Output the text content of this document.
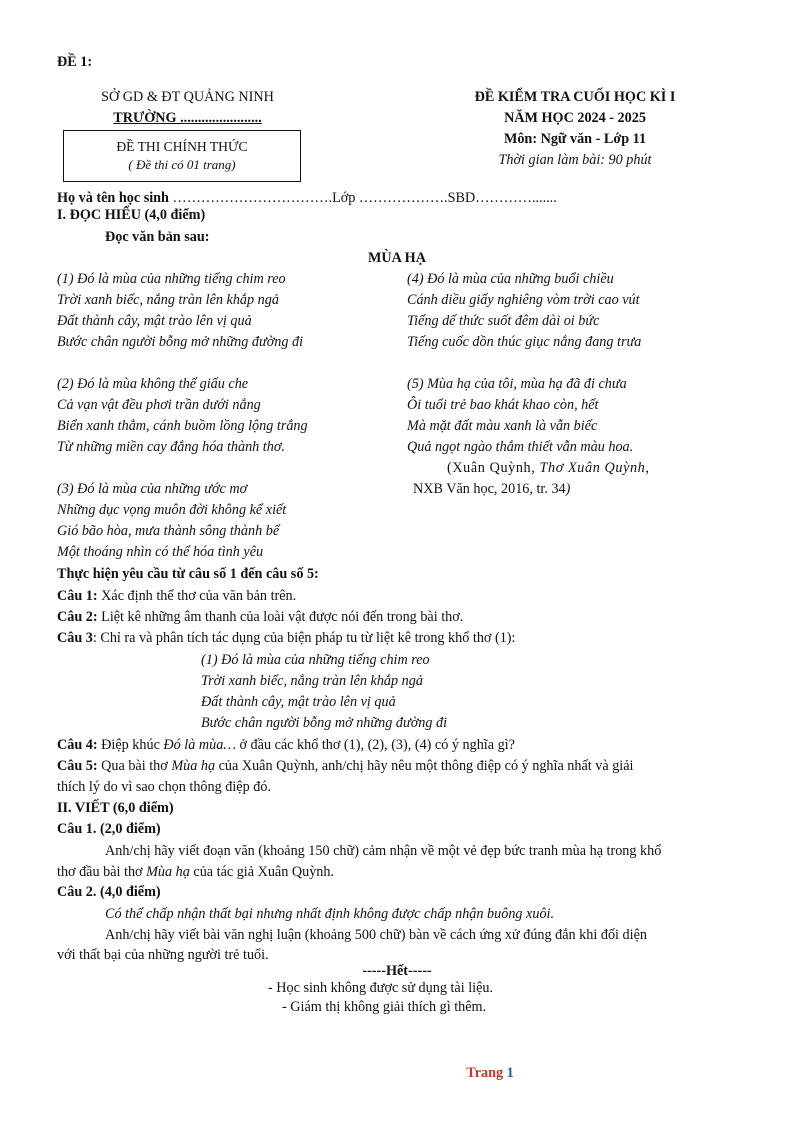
ĐỀ 1:
SỞ GD & ĐT QUẢNG NINH
TRƯỜNG .......................
ĐỀ THI CHÍNH THỨC
( Đề thi có 01 trang)
ĐỀ KIỂM TRA CUỐI HỌC KÌ I
NĂM HỌC 2024 - 2025
Môn: Ngữ văn - Lớp 11
Thời gian làm bài: 90 phút
Họ và tên học sinh …………………………….Lớp ……………….SBD………….......
I. ĐỌC HIỂU (4,0 điểm)
Đọc văn bản sau:
MÙA HẠ
(1) Đó là mùa của những tiếng chim reo
Trời xanh biếc, nắng tràn lên khắp ngả
Đất thành cây, mật trào lên vị quả
Bước chân người bỗng mở những đường đi
(2) Đó là mùa không thể giấu che
Cả vạn vật đều phơi trần dưới nắng
Biển xanh thẳm, cánh buồm lồng lộng trắng
Từ những miền cay đắng hóa thành thơ.
(3) Đó là mùa của những ước mơ
Những dục vọng muôn đời không kể xiết
Gió bão hòa, mưa thành sông thành bể
Một thoáng nhìn có thể hóa tình yêu
(4) Đó là mùa của những buổi chiều
Cánh diều giấy nghiêng vòm trời cao vút
Tiếng dế thức suốt đêm dài oi bức
Tiếng cuốc dồn thúc giục nắng đang trưa
(5) Mùa hạ của tôi, mùa hạ đã đi chưa
Ôi tuổi trẻ bao khát khao còn, hết
Mà mặt đất màu xanh là vẫn biếc
Quả ngọt ngào thắm thiết vẫn màu hoa.
(Xuân Quỳnh, Thơ Xuân Quỳnh,
NXB Văn học, 2016, tr. 34)
Thực hiện yêu cầu từ câu số 1 đến câu số 5:
Câu 1: Xác định thể thơ của văn bản trên.
Câu 2: Liệt kê những âm thanh của loài vật được nói đến trong bài thơ.
Câu 3: Chỉ ra và phân tích tác dụng của biện pháp tu từ liệt kê trong khổ thơ (1):
(1) Đó là mùa của những tiếng chim reo
Trời xanh biếc, nắng tràn lên khắp ngả
Đất thành cây, mật trào lên vị quả
Bước chân người bỗng mở những đường đi
Câu 4: Điệp khúc Đó là mùa… ở đầu các khổ thơ (1), (2), (3), (4) có ý nghĩa gì?
Câu 5: Qua bài thơ Mùa hạ của Xuân Quỳnh, anh/chị hãy nêu một thông điệp có ý nghĩa nhất và giải
thích lý do vì sao chọn thông điệp đó.
II. VIẾT (6,0 điểm)
Câu 1. (2,0 điểm)
Anh/chị hãy viết đoạn văn (khoảng 150 chữ) cảm nhận về một vẻ đẹp bức tranh mùa hạ trong khổ
thơ đầu bài thơ Mùa hạ của tác giả Xuân Quỳnh.
Câu 2. (4,0 điểm)
Có thể chấp nhận thất bại nhưng nhất định không được chấp nhận buông xuôi.
Anh/chị hãy viết bài văn nghị luận (khoảng 500 chữ) bàn về cách ứng xử đúng đắn khi đối diện
với thất bại của những người trẻ tuổi.
-----Hết-----
- Học sinh không được sử dụng tài liệu.
- Giám thị không giải thích gì thêm.
Trang 1
